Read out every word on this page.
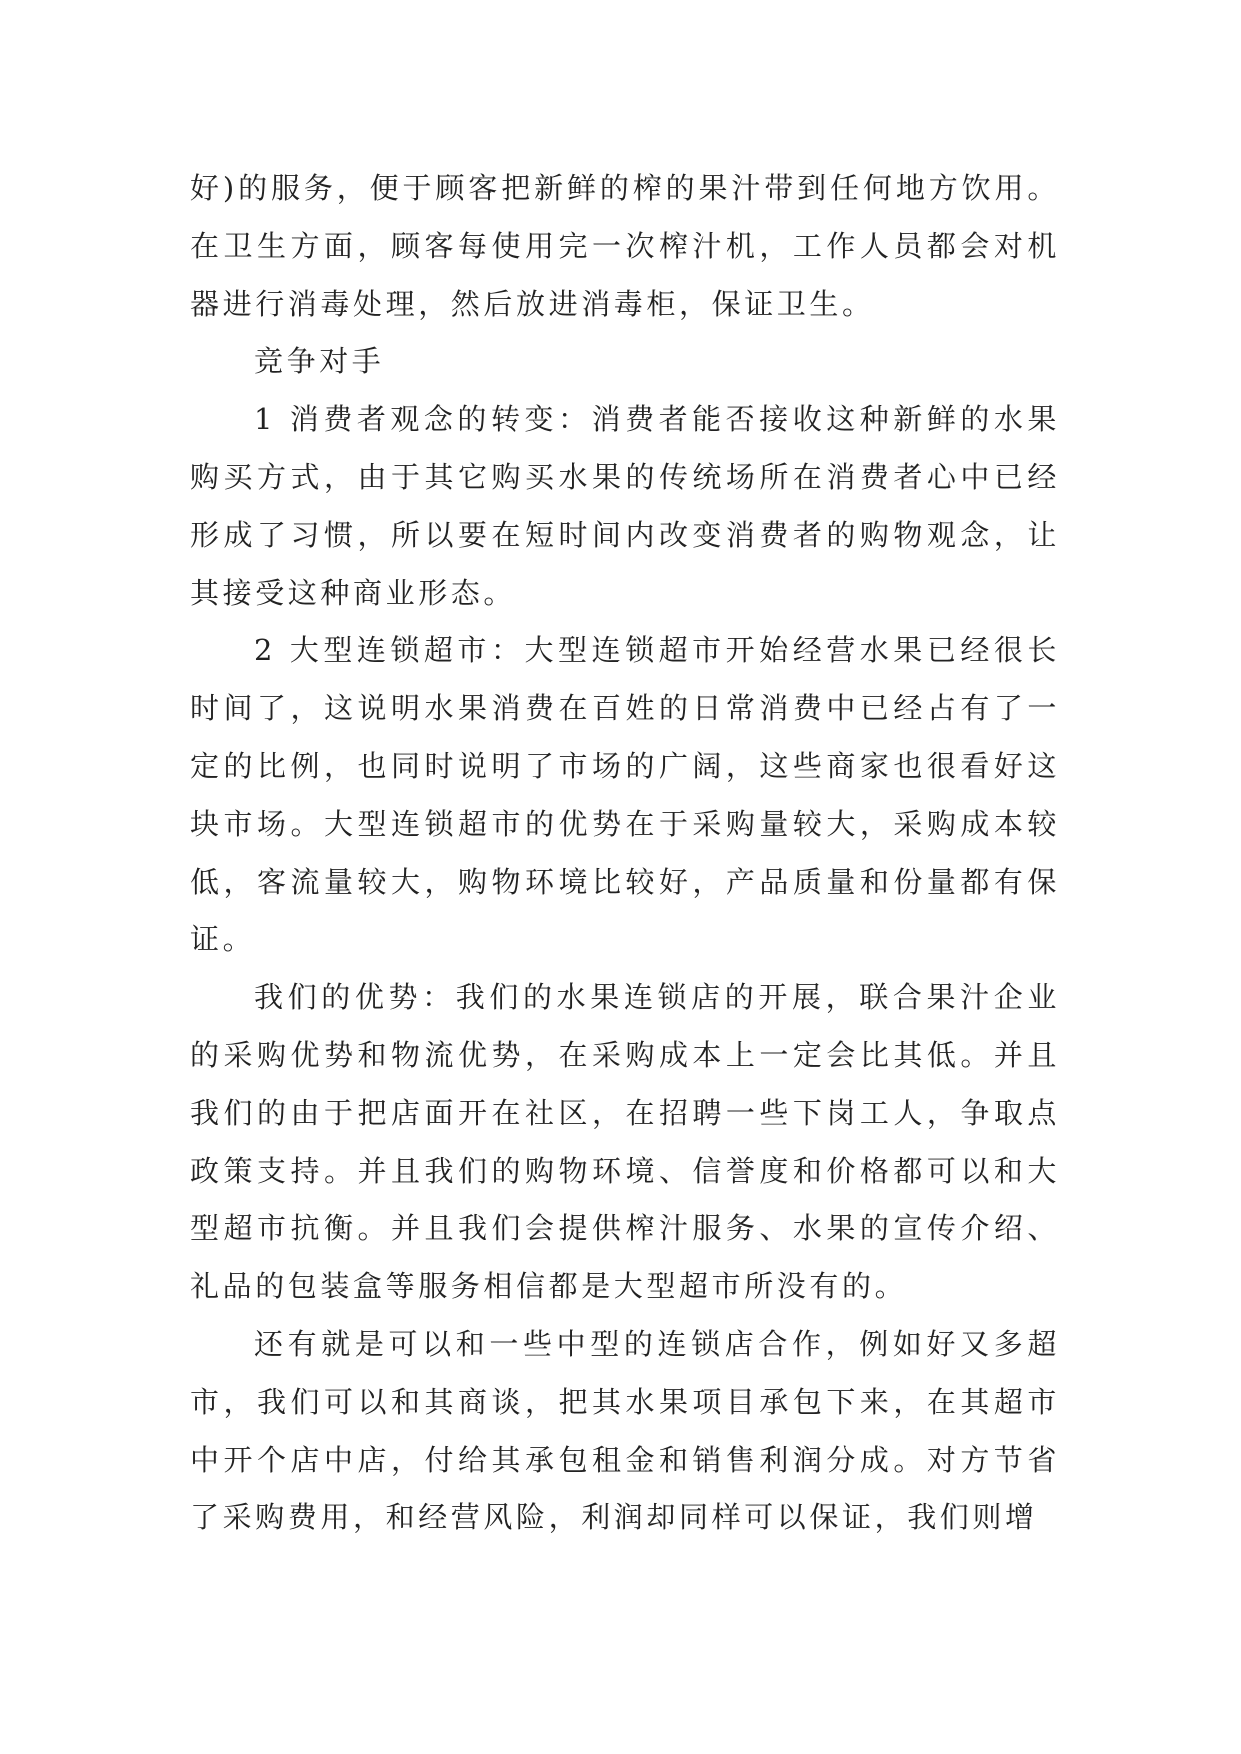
好)的服务，便于顾客把新鲜的榨的果汁带到任何地方饮用。在卫生方面，顾客每使用完一次榨汁机，工作人员都会对机器进行消毒处理，然后放进消毒柜，保证卫生。

竞争对手

1 消费者观念的转变：消费者能否接收这种新鲜的水果购买方式，由于其它购买水果的传统场所在消费者心中已经形成了习惯，所以要在短时间内改变消费者的购物观念，让其接受这种商业形态。

2 大型连锁超市：大型连锁超市开始经营水果已经很长时间了，这说明水果消费在百姓的日常消费中已经占有了一定的比例，也同时说明了市场的广阔，这些商家也很看好这块市场。大型连锁超市的优势在于采购量较大，采购成本较低，客流量较大，购物环境比较好，产品质量和份量都有保证。

我们的优势：我们的水果连锁店的开展，联合果汁企业的采购优势和物流优势，在采购成本上一定会比其低。并且我们的由于把店面开在社区，在招聘一些下岗工人，争取点政策支持。并且我们的购物环境、信誉度和价格都可以和大型超市抗衡。并且我们会提供榨汁服务、水果的宣传介绍、礼品的包装盒等服务相信都是大型超市所没有的。

还有就是可以和一些中型的连锁店合作，例如好又多超市，我们可以和其商谈，把其水果项目承包下来，在其超市中开个店中店，付给其承包租金和销售利润分成。对方节省了采购费用，和经营风险，利润却同样可以保证，我们则增
